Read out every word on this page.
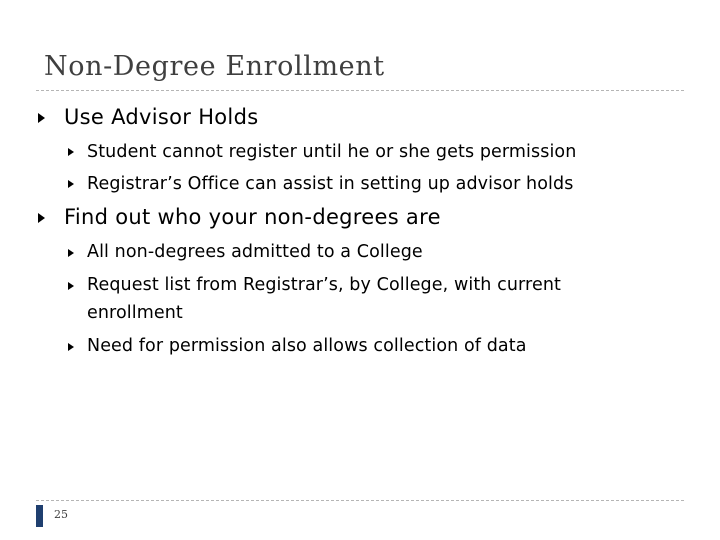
Non-Degree Enrollment
Use Advisor Holds
Student cannot register until he or she gets permission
Registrar’s Office can assist in setting up advisor holds
Find out who your non-degrees are
All non-degrees admitted to a College
Request list from Registrar’s, by College, with current
enrollment
Need for permission also allows collection of data
25
